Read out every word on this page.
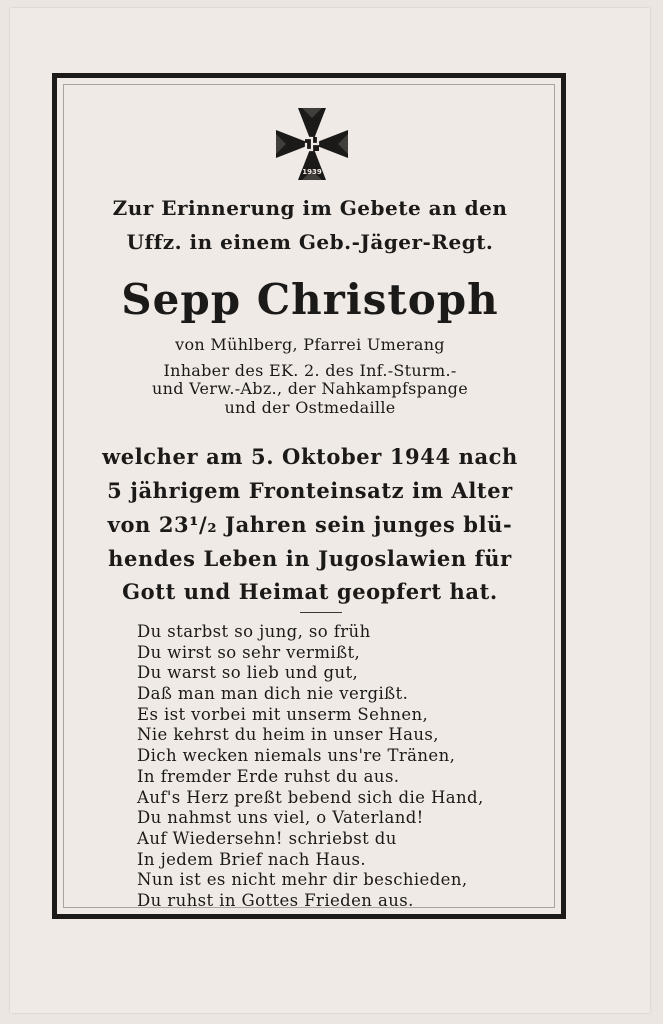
1939
Zur Erinnerung im Gebete an den
Uffz. in einem Geb.-Jäger-Regt.
Sepp Christoph
von Mühlberg, Pfarrei Umerang
Inhaber des EK. 2. des Inf.-Sturm.-
und Verw.-Abz., der Nahkampfspange
und der Ostmedaille
welcher am 5. Oktober 1944 nach
5 jährigem Fronteinsatz im Alter
von 23¹/₂ Jahren sein junges blü-
hendes Leben in Jugoslawien für
Gott und Heimat geopfert hat.
Du starbst so jung, so früh
Du wirst so sehr vermißt,
Du warst so lieb und gut,
Daß man man dich nie vergißt.
Es ist vorbei mit unserm Sehnen,
Nie kehrst du heim in unser Haus,
Dich wecken niemals uns're Tränen,
In fremder Erde ruhst du aus.
Auf's Herz preßt bebend sich die Hand,
Du nahmst uns viel, o Vaterland!
Auf Wiedersehn! schriebst du
In jedem Brief nach Haus.
Nun ist es nicht mehr dir beschieden,
Du ruhst in Gottes Frieden aus.
